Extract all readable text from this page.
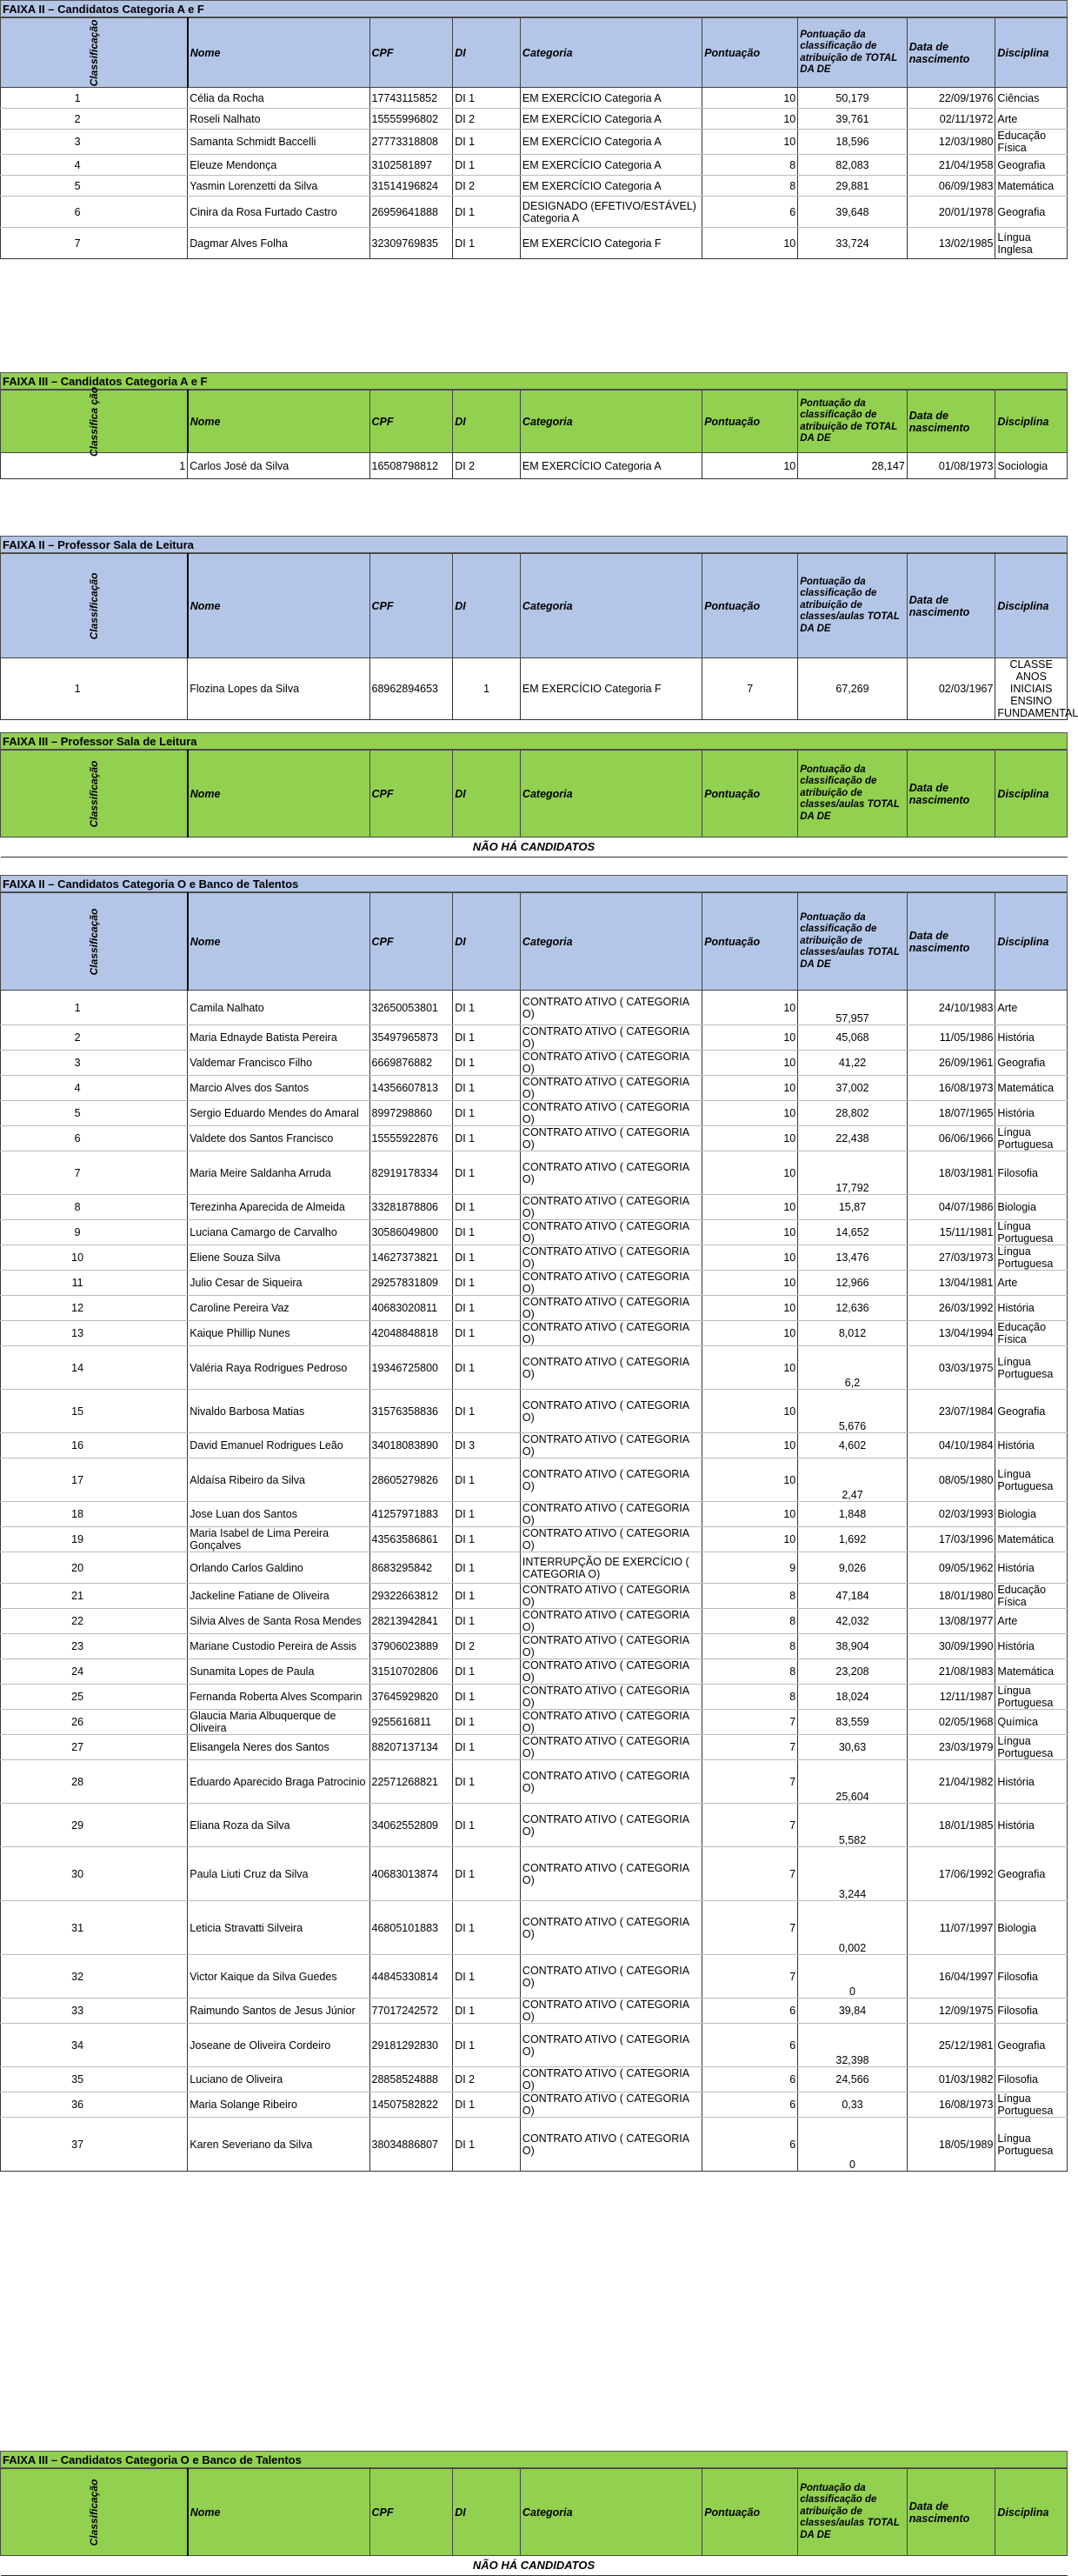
FAIXA II – Candidatos Categoria A e F
Classificação	Nome	CPF	DI	Categoria	Pontuação	Pontuação da classificação de atribuição de TOTAL DA DE	Data de nascimento	Disciplina
1	Célia da Rocha	17743115852	DI 1	EM EXERCÍCIO Categoria A	10	50,179	22/09/1976	Ciências
2	Roseli Nalhato	15555996802	DI 2	EM EXERCÍCIO Categoria A	10	39,761	02/11/1972	Arte
3	Samanta Schmidt Baccelli	27773318808	DI 1	EM EXERCÍCIO Categoria A	10	18,596	12/03/1980	Educação Física
4	Eleuze Mendonça	3102581897	DI 1	EM EXERCÍCIO Categoria A	8	82,083	21/04/1958	Geografia
5	Yasmin Lorenzetti da Silva	31514196824	DI 2	EM EXERCÍCIO Categoria A	8	29,881	06/09/1983	Matemática
6	Cinira da Rosa Furtado Castro	26959641888	DI 1	DESIGNADO (EFETIVO/ESTÁVEL) Categoria A	6	39,648	20/01/1978	Geografia
7	Dagmar Alves Folha	32309769835	DI 1	EM EXERCÍCIO Categoria F	10	33,724	13/02/1985	Língua Inglesa
FAIXA III – Candidatos Categoria A e F
Classifica ção	Nome	CPF	DI	Categoria	Pontuação	Pontuação da classificação de atribuição de TOTAL DA DE	Data de nascimento	Disciplina
1	Carlos José da Silva	16508798812	DI 2	EM EXERCÍCIO Categoria A	10	28,147	01/08/1973	Sociologia
FAIXA II – Professor Sala de Leitura
Classificação	Nome	CPF	DI	Categoria	Pontuação	Pontuação da classificação de atribuição de classes/aulas TOTAL DA DE	Data de nascimento	Disciplina
1	Flozina Lopes da Silva	68962894653	1	EM EXERCÍCIO Categoria F	7	67,269	02/03/1967	CLASSE ANOS INICIAIS ENSINO FUNDAMENTAL
FAIXA III – Professor Sala de Leitura
Classificação	Nome	CPF	DI	Categoria	Pontuação	Pontuação da classificação de atribuição de classes/aulas TOTAL DA DE	Data de nascimento	Disciplina
NÃO HÁ CANDIDATOS
FAIXA II – Candidatos Categoria O e Banco de Talentos
Classificação	Nome	CPF	DI	Categoria	Pontuação	Pontuação da classificação de atribuição de classes/aulas TOTAL DA DE	Data de nascimento	Disciplina
1	Camila Nalhato	32650053801	DI 1	CONTRATO ATIVO ( CATEGORIA O)	10	57,957	24/10/1983	Arte
2	Maria Ednayde Batista Pereira	35497965873	DI 1	CONTRATO ATIVO ( CATEGORIA O)	10	45,068	11/05/1986	História
3	Valdemar Francisco Filho	6669876882	DI 1	CONTRATO ATIVO ( CATEGORIA O)	10	41,22	26/09/1961	Geografia
4	Marcio Alves dos Santos	14356607813	DI 1	CONTRATO ATIVO ( CATEGORIA O)	10	37,002	16/08/1973	Matemática
5	Sergio Eduardo Mendes do Amaral	8997298860	DI 1	CONTRATO ATIVO ( CATEGORIA O)	10	28,802	18/07/1965	História
6	Valdete dos Santos Francisco	15555922876	DI 1	CONTRATO ATIVO ( CATEGORIA O)	10	22,438	06/06/1966	Língua Portuguesa
7	Maria Meire Saldanha Arruda	82919178334	DI 1	CONTRATO ATIVO ( CATEGORIA O)	10	17,792	18/03/1981	Filosofia
8	Terezinha Aparecida de Almeida	33281878806	DI 1	CONTRATO ATIVO ( CATEGORIA O)	10	15,87	04/07/1986	Biologia
9	Luciana Camargo de Carvalho	30586049800	DI 1	CONTRATO ATIVO ( CATEGORIA O)	10	14,652	15/11/1981	Língua Portuguesa
10	Eliene Souza Silva	14627373821	DI 1	CONTRATO ATIVO ( CATEGORIA O)	10	13,476	27/03/1973	Língua Portuguesa
11	Julio Cesar de Siqueira	29257831809	DI 1	CONTRATO ATIVO ( CATEGORIA O)	10	12,966	13/04/1981	Arte
12	Caroline Pereira Vaz	40683020811	DI 1	CONTRATO ATIVO ( CATEGORIA O)	10	12,636	26/03/1992	História
13	Kaique Phillip Nunes	42048848818	DI 1	CONTRATO ATIVO ( CATEGORIA O)	10	8,012	13/04/1994	Educação Física
14	Valéria Raya Rodrigues Pedroso	19346725800	DI 1	CONTRATO ATIVO ( CATEGORIA O)	10	6,2	03/03/1975	Língua Portuguesa
15	Nivaldo Barbosa Matias	31576358836	DI 1	CONTRATO ATIVO ( CATEGORIA O)	10	5,676	23/07/1984	Geografia
16	David Emanuel Rodrigues Leão	34018083890	DI 3	CONTRATO ATIVO ( CATEGORIA O)	10	4,602	04/10/1984	História
17	Aldaísa Ribeiro da Silva	28605279826	DI 1	CONTRATO ATIVO ( CATEGORIA O)	10	2,47	08/05/1980	Língua Portuguesa
18	Jose Luan dos Santos	41257971883	DI 1	CONTRATO ATIVO ( CATEGORIA O)	10	1,848	02/03/1993	Biologia
19	Maria Isabel de Lima Pereira Gonçalves	43563586861	DI 1	CONTRATO ATIVO ( CATEGORIA O)	10	1,692	17/03/1996	Matemática
20	Orlando Carlos Galdino	8683295842	DI 1	INTERRUPÇÃO DE EXERCÍCIO ( CATEGORIA O)	9	9,026	09/05/1962	História
21	Jackeline Fatiane de Oliveira	29322663812	DI 1	CONTRATO ATIVO ( CATEGORIA O)	8	47,184	18/01/1980	Educação Física
22	Silvia Alves de Santa Rosa Mendes	28213942841	DI 1	CONTRATO ATIVO ( CATEGORIA O)	8	42,032	13/08/1977	Arte
23	Mariane Custodio Pereira de Assis	37906023889	DI 2	CONTRATO ATIVO ( CATEGORIA O)	8	38,904	30/09/1990	História
24	Sunamita Lopes de Paula	31510702806	DI 1	CONTRATO ATIVO ( CATEGORIA O)	8	23,208	21/08/1983	Matemática
25	Fernanda Roberta Alves Scomparin	37645929820	DI 1	CONTRATO ATIVO ( CATEGORIA O)	8	18,024	12/11/1987	Língua Portuguesa
26	Glaucia Maria Albuquerque de Oliveira	9255616811	DI 1	CONTRATO ATIVO ( CATEGORIA O)	7	83,559	02/05/1968	Química
27	Elisangela Neres dos Santos	88207137134	DI 1	CONTRATO ATIVO ( CATEGORIA O)	7	30,63	23/03/1979	Língua Portuguesa
28	Eduardo Aparecido Braga Patrocinio	22571268821	DI 1	CONTRATO ATIVO ( CATEGORIA O)	7	25,604	21/04/1982	História
29	Eliana Roza da Silva	34062552809	DI 1	CONTRATO ATIVO ( CATEGORIA O)	7	5,582	18/01/1985	História
30	Paula Liuti Cruz da Silva	40683013874	DI 1	CONTRATO ATIVO ( CATEGORIA O)	7	3,244	17/06/1992	Geografia
31	Leticia Stravatti Silveira	46805101883	DI 1	CONTRATO ATIVO ( CATEGORIA O)	7	0,002	11/07/1997	Biologia
32	Victor Kaique da Silva Guedes	44845330814	DI 1	CONTRATO ATIVO ( CATEGORIA O)	7	0	16/04/1997	Filosofia
33	Raimundo Santos de Jesus Júnior	77017242572	DI 1	CONTRATO ATIVO ( CATEGORIA O)	6	39,84	12/09/1975	Filosofia
34	Joseane de Oliveira Cordeiro	29181292830	DI 1	CONTRATO ATIVO ( CATEGORIA O)	6	32,398	25/12/1981	Geografia
35	Luciano de Oliveira	28858524888	DI 2	CONTRATO ATIVO ( CATEGORIA O)	6	24,566	01/03/1982	Filosofia
36	Maria Solange Ribeiro	14507582822	DI 1	CONTRATO ATIVO ( CATEGORIA O)	6	0,33	16/08/1973	Língua Portuguesa
37	Karen Severiano da Silva	38034886807	DI 1	CONTRATO ATIVO ( CATEGORIA O)	6	0	18/05/1989	Língua Portuguesa
FAIXA III – Candidatos Categoria O e Banco de Talentos
Classificação	Nome	CPF	DI	Categoria	Pontuação	Pontuação da classificação de atribuição de classes/aulas TOTAL DA DE	Data de nascimento	Disciplina
NÃO HÁ CANDIDATOS
